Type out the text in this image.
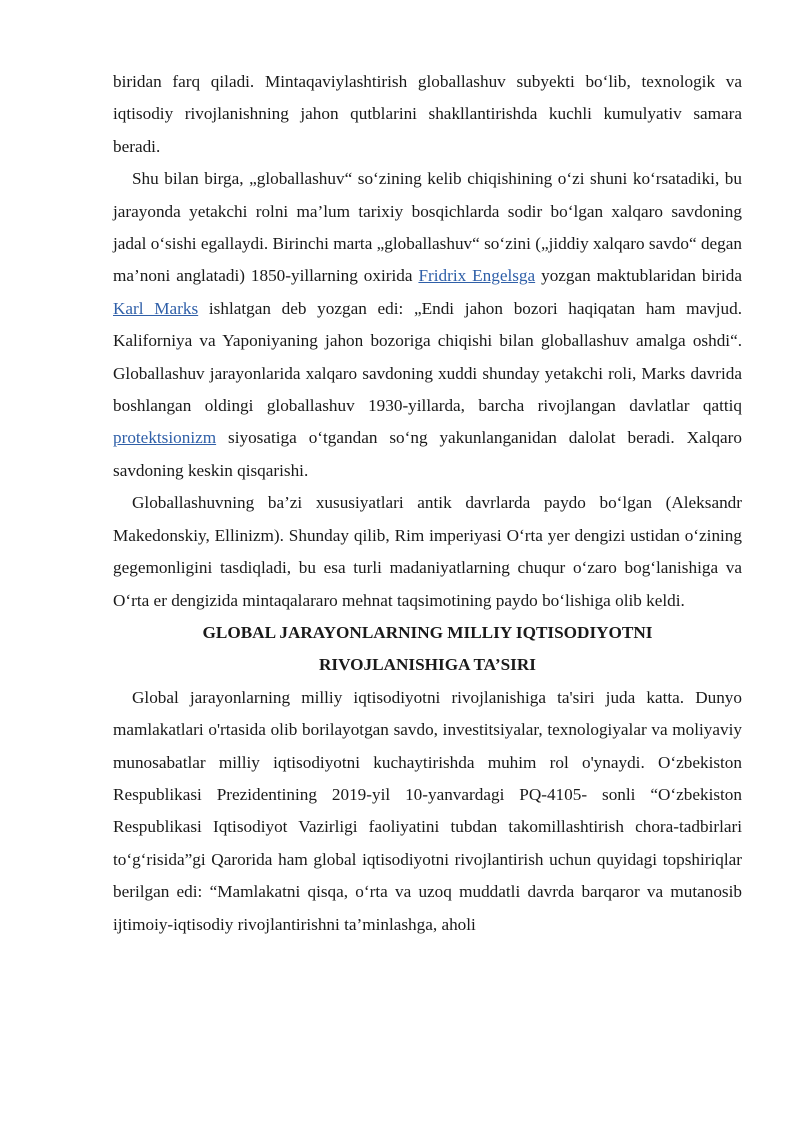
biridan farq qiladi. Mintaqaviylashtirish globallashuv subyekti bo‘lib, texnologik va iqtisodiy rivojlanishning jahon qutblarini shakllantirishda kuchli kumulyativ samara beradi.

Shu bilan birga, „globallashuv“ so‘zining kelib chiqishining o‘zi shuni ko‘rsatadiki, bu jarayonda yetakchi rolni ma’lum tarixiy bosqichlarda sodir bo‘lgan xalqaro savdoning jadal o‘sishi egallaydi. Birinchi marta „globallashuv“ so‘zini („jiddiy xalqaro savdo“ degan ma’noni anglatadi) 1850-yillarning oxirida Fridrix Engelsga yozgan maktublaridan birida Karl Marks ishlatgan deb yozgan edi: „Endi jahon bozori haqiqatan ham mavjud. Kaliforniya va Yaponiyaning jahon bozoriga chiqishi bilan globallashuv amalga oshdi“. Globallashuv jarayonlarida xalqaro savdoning xuddi shunday yetakchi roli, Marks davrida boshlangan oldingi globallashuv 1930-yillarda, barcha rivojlangan davlatlar qattiq protektsionizm siyosatiga o‘tgandan so‘ng yakunlanganidan dalolat beradi. Xalqaro savdoning keskin qisqarishi.

Globallashuvning ba’zi xususiyatlari antik davrlarda paydo bo‘lgan (Aleksandr Makedonskiy, Ellinizm). Shunday qilib, Rim imperiyasi O‘rta yer dengizi ustidan o‘zining gegemonligini tasdiqladi, bu esa turli madaniyatlarning chuqur o‘zaro bog‘lanishiga va O‘rta er dengizida mintaqalararo mehnat taqsimotining paydo bo‘lishiga olib keldi.

GLOBAL JARAYONLARNING MILLIY IQTISODIYOTNI
RIVOJLANISHIGA TA’SIRI

Global jarayonlarning milliy iqtisodiyotni rivojlanishiga ta'siri juda katta. Dunyo mamlakatlari o'rtasida olib borilayotgan savdo, investitsiyalar, texnologiyalar va moliyaviy munosabatlar milliy iqtisodiyotni kuchaytirishda muhim rol o'ynaydi. O‘zbekiston Respublikasi Prezidentining 2019-yil 10-yanvardagi PQ-4105- sonli “O‘zbekiston Respublikasi Iqtisodiyot Vazirligi faoliyatini tubdan takomillashtirish chora-tadbirlari to‘g‘risida”gi Qarorida ham global iqtisodiyotni rivojlantirish uchun quyidagi topshiriqlar berilgan edi: “Mamlakatni qisqa, o‘rta va uzoq muddatli davrda barqaror va mutanosib ijtimoiy-iqtisodiy rivojlantirishni ta’minlashga, aholi
